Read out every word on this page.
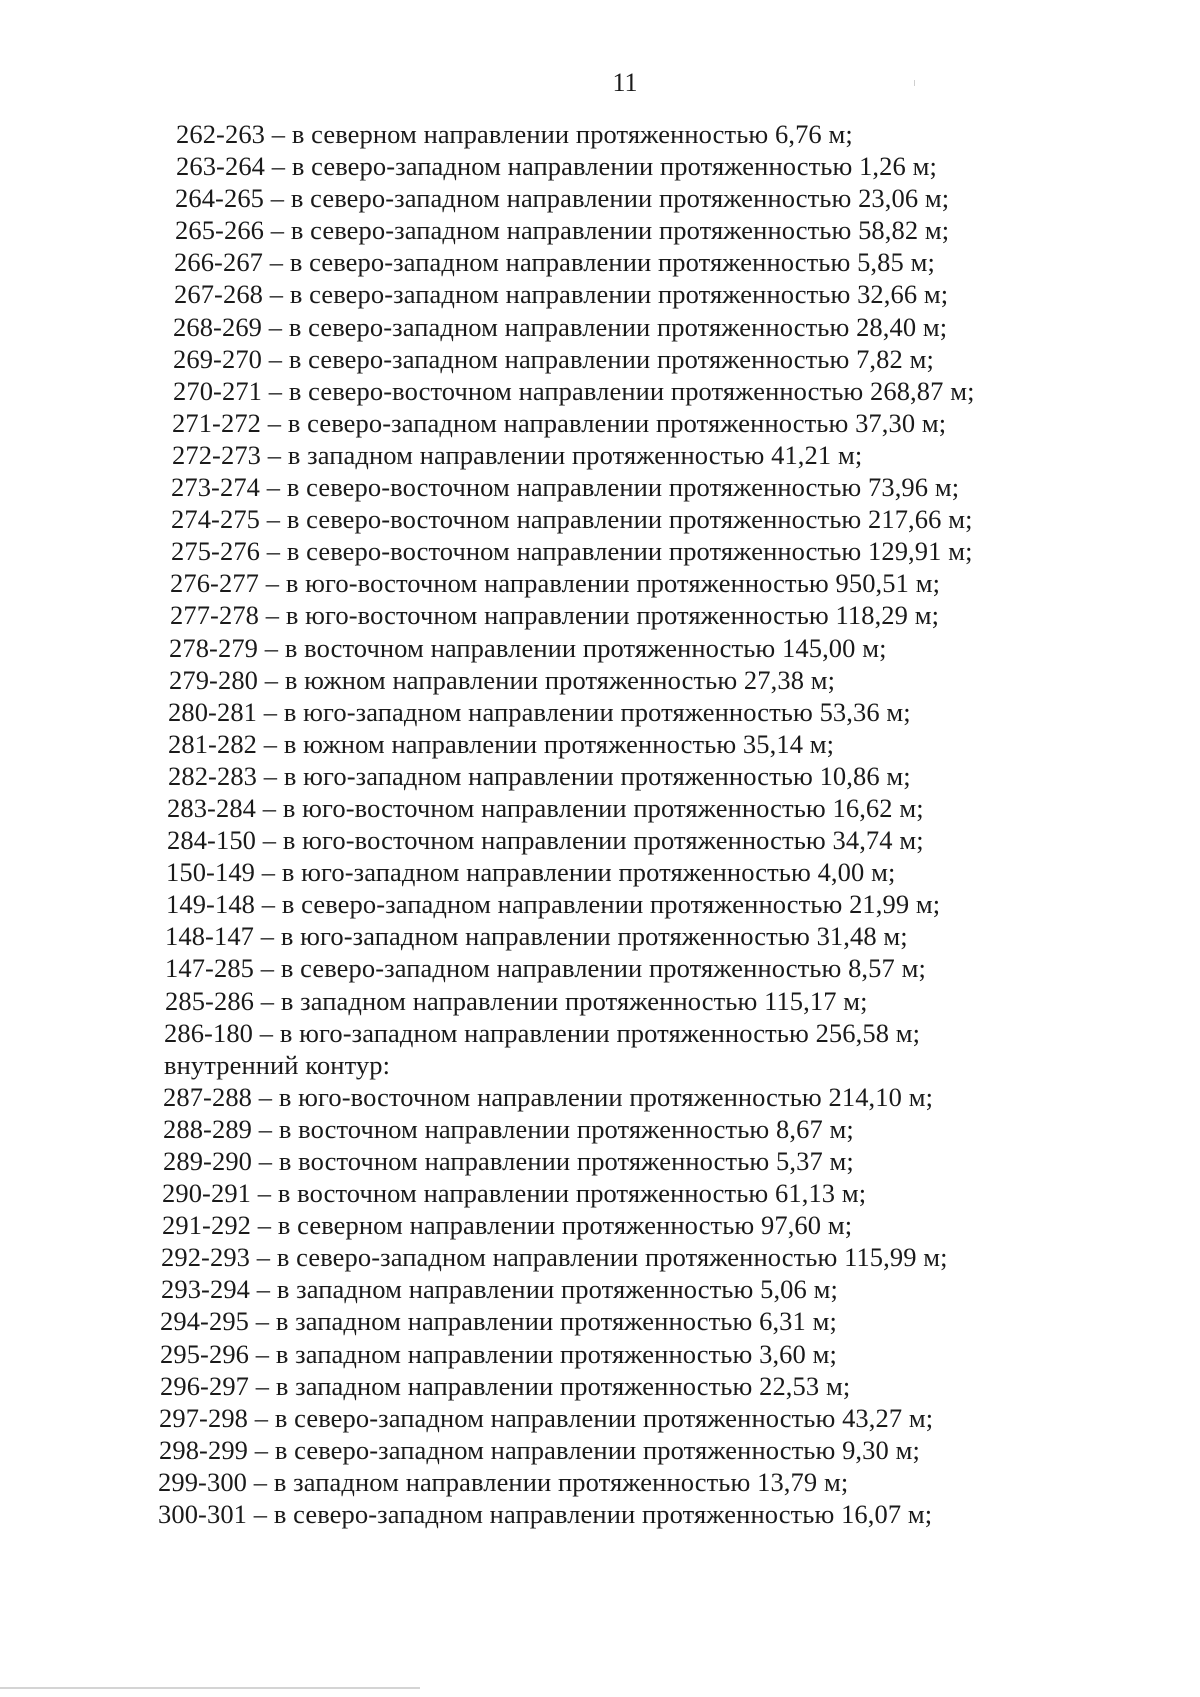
11
262-263 – в северном направлении протяженностью 6,76 м;
263-264 – в северо-западном направлении протяженностью 1,26 м;
264-265 – в северо-западном направлении протяженностью 23,06 м;
265-266 – в северо-западном направлении протяженностью 58,82 м;
266-267 – в северо-западном направлении протяженностью 5,85 м;
267-268 – в северо-западном направлении протяженностью 32,66 м;
268-269 – в северо-западном направлении протяженностью 28,40 м;
269-270 – в северо-западном направлении протяженностью 7,82 м;
270-271 – в северо-восточном направлении протяженностью 268,87 м;
271-272 – в северо-западном направлении протяженностью 37,30 м;
272-273 – в западном направлении протяженностью 41,21 м;
273-274 – в северо-восточном направлении протяженностью 73,96 м;
274-275 – в северо-восточном направлении протяженностью 217,66 м;
275-276 – в северо-восточном направлении протяженностью 129,91 м;
276-277 – в юго-восточном направлении протяженностью 950,51 м;
277-278 – в юго-восточном направлении протяженностью 118,29 м;
278-279 – в восточном направлении протяженностью 145,00 м;
279-280 – в южном направлении протяженностью 27,38 м;
280-281 – в юго-западном направлении протяженностью 53,36 м;
281-282 – в южном направлении протяженностью 35,14 м;
282-283 – в юго-западном направлении протяженностью 10,86 м;
283-284 – в юго-восточном направлении протяженностью 16,62 м;
284-150 – в юго-восточном направлении протяженностью 34,74 м;
150-149 – в юго-западном направлении протяженностью 4,00 м;
149-148 – в северо-западном направлении протяженностью 21,99 м;
148-147 – в юго-западном направлении протяженностью 31,48 м;
147-285 – в северо-западном направлении протяженностью 8,57 м;
285-286 – в западном направлении протяженностью 115,17 м;
286-180 – в юго-западном направлении протяженностью 256,58 м;
внутренний контур:
287-288 – в юго-восточном направлении протяженностью 214,10 м;
288-289 – в восточном направлении протяженностью 8,67 м;
289-290 – в восточном направлении протяженностью 5,37 м;
290-291 – в восточном направлении протяженностью 61,13 м;
291-292 – в северном направлении протяженностью 97,60 м;
292-293 – в северо-западном направлении протяженностью 115,99 м;
293-294 – в западном направлении протяженностью 5,06 м;
294-295 – в западном направлении протяженностью 6,31 м;
295-296 – в западном направлении протяженностью 3,60 м;
296-297 – в западном направлении протяженностью 22,53 м;
297-298 – в северо-западном направлении протяженностью 43,27 м;
298-299 – в северо-западном направлении протяженностью 9,30 м;
299-300 – в западном направлении протяженностью 13,79 м;
300-301 – в северо-западном направлении протяженностью 16,07 м;
